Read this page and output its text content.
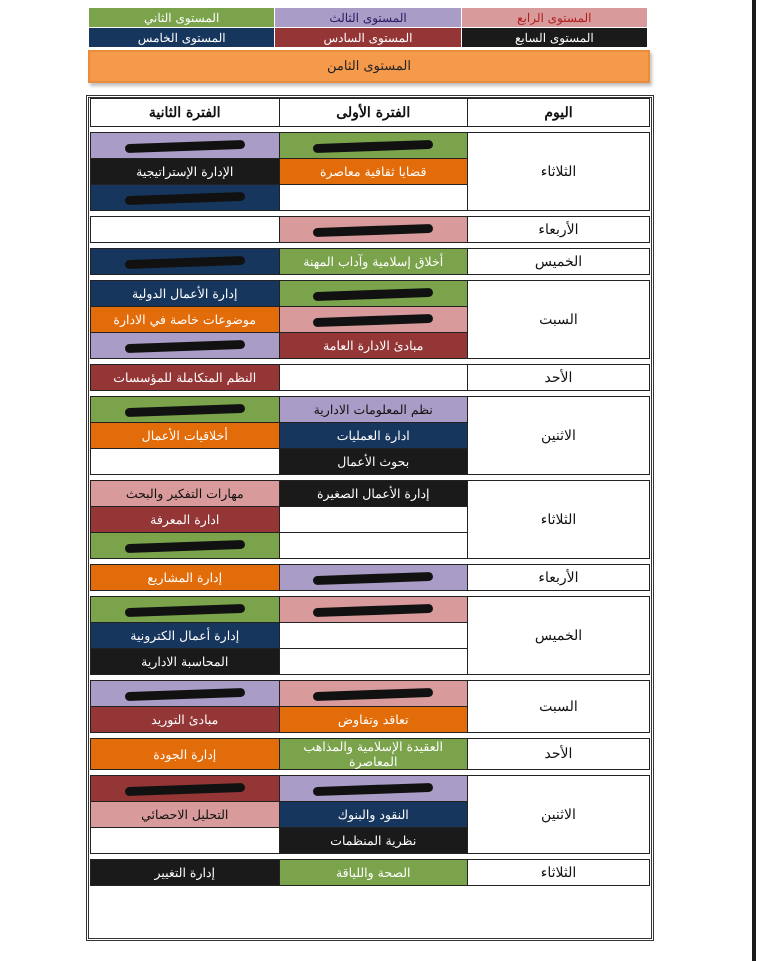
المستوى الرابع	المستوى الثالث	المستوى الثاني
المستوى السابع	المستوى السادس	المستوى الخامس
المستوى الثامن
اليوم	الفترة الأولى	الفترة الثانية

الثلاثاء		
	قضايا ثقافية معاصرة	الإدارة الإستراتيجية

الأربعاء		

الخميس	أخلاق إسلامية وآداب المهنة	

السبت		إدارة الأعمال الدولية
		موضوعات خاصة في الادارة
	مبادئ الادارة العامة	

الأحد		النظم المتكاملة للمؤسسات

الاثنين	نظم المعلومات الادارية	
	ادارة العمليات	أخلاقيات الأعمال
	بحوث الأعمال	

الثلاثاء	إدارة الأعمال الصغيرة	مهارات التفكير والبحث
		ادارة المعرفة

الأربعاء		إدارة المشاريع

الخميس		
		إدارة أعمال الكترونية
		المحاسبة الادارية

السبت		
	تعاقد وتفاوض	مبادئ التوريد

الأحد	العقيدة الإسلامية والمذاهب المعاصرة	إدارة الجودة

الاثنين		
	النقود والبنوك	التحليل الاحصائي
	نظرية المنظمات	

الثلاثاء	الصحة واللياقة	إدارة التغيير
